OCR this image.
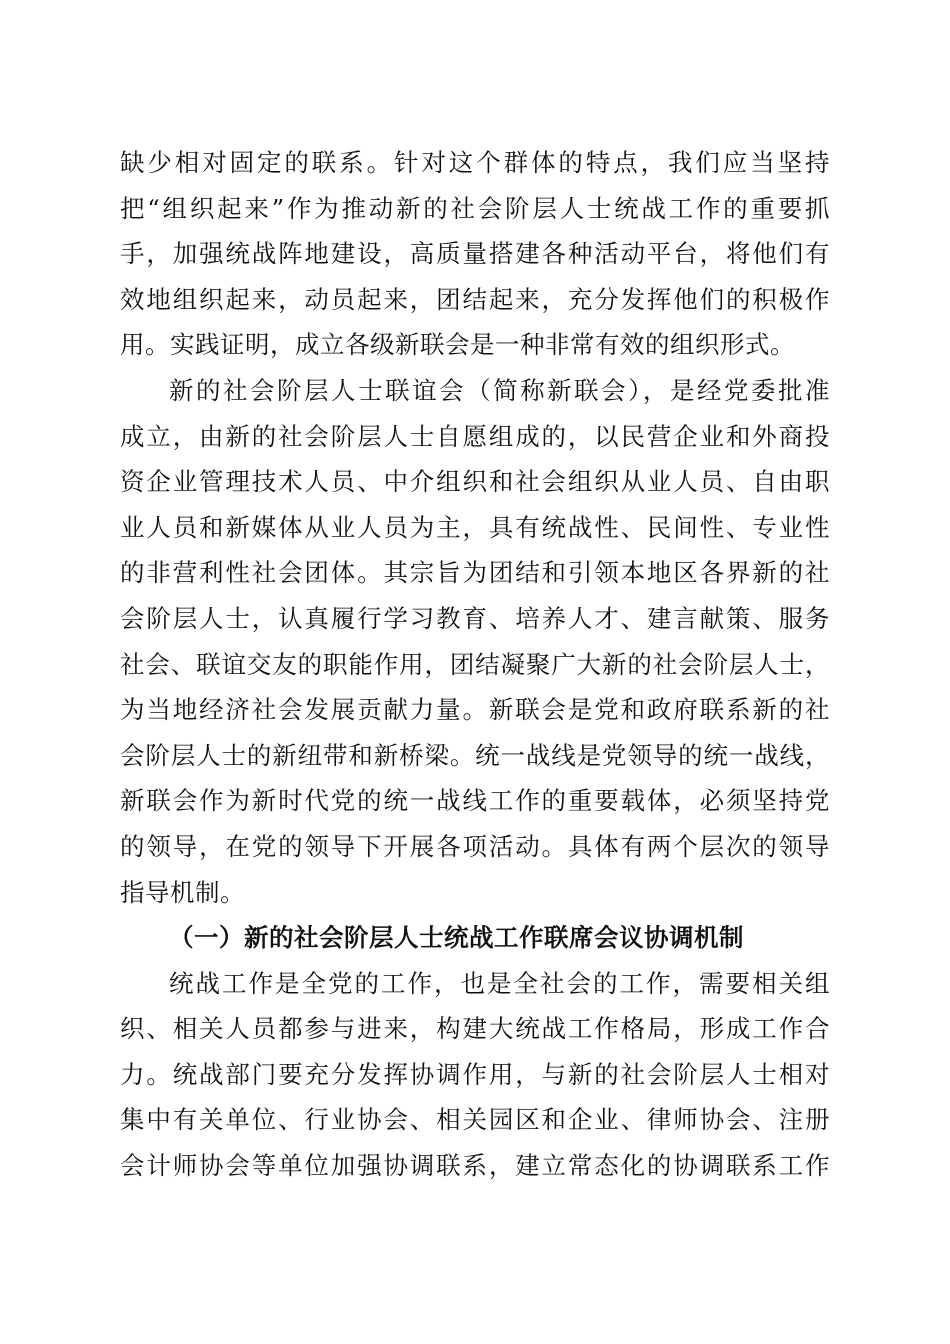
缺少相对固定的联系。针对这个群体的特点，我们应当坚持
把“组织起来”作为推动新的社会阶层人士统战工作的重要抓
手，加强统战阵地建设，高质量搭建各种活动平台，将他们有
效地组织起来，动员起来，团结起来，充分发挥他们的积极作
用。实践证明，成立各级新联会是一种非常有效的组织形式。
新的社会阶层人士联谊会（简称新联会），是经党委批准
成立，由新的社会阶层人士自愿组成的，以民营企业和外商投
资企业管理技术人员、中介组织和社会组织从业人员、自由职
业人员和新媒体从业人员为主，具有统战性、民间性、专业性
的非营利性社会团体。其宗旨为团结和引领本地区各界新的社
会阶层人士，认真履行学习教育、培养人才、建言献策、服务
社会、联谊交友的职能作用，团结凝聚广大新的社会阶层人士，
为当地经济社会发展贡献力量。新联会是党和政府联系新的社
会阶层人士的新纽带和新桥梁。统一战线是党领导的统一战线，
新联会作为新时代党的统一战线工作的重要载体，必须坚持党
的领导，在党的领导下开展各项活动。具体有两个层次的领导
指导机制。
（一）新的社会阶层人士统战工作联席会议协调机制
统战工作是全党的工作，也是全社会的工作，需要相关组
织、相关人员都参与进来，构建大统战工作格局，形成工作合
力。统战部门要充分发挥协调作用，与新的社会阶层人士相对
集中有关单位、行业协会、相关园区和企业、律师协会、注册
会计师协会等单位加强协调联系，建立常态化的协调联系工作
